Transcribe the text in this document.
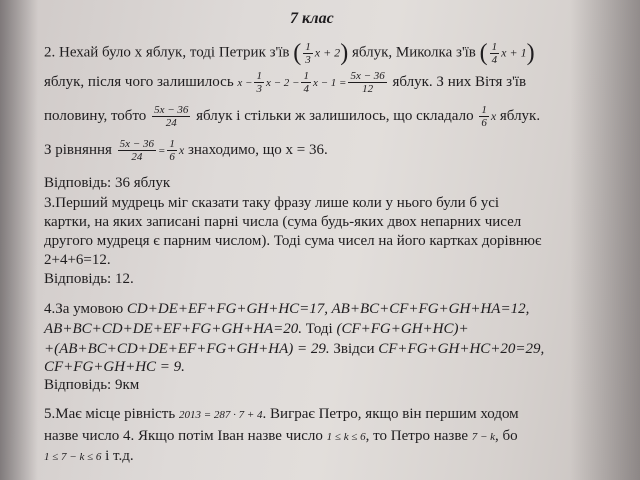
7 клас
2. Нехай було х яблук, тоді Петрик з'їв ( $\frac{1}{3}$ x + 2) яблук, Миколка з'їв ( $\frac{1}{4}$ x + 1)
яблук, після чого залишилось $x - \frac{1}{3}$ $x - 2 - \frac{1}{4}$ $x - 1 = \frac{5x - 36}{12}$ яблук. З них Вітя з'їв
половину, тобто $\frac{5x - 36}{24}$ яблук і стільки ж залишилось, що складало $\frac{1}{6}$ x яблук.
З рівняння $\frac{5x - 36}{24} = \frac{1}{6}$ x знаходимо, що х = 36.
Відповідь: 36 яблук
3.Перший мудрець міг сказати таку фразу лише коли у нього були б усі
картки, на яких записані парні числа (сума будь-яких двох непарних чисел
другого мудреця є парним числом). Тоді сума чисел на його картках дорівнює
2+4+6=12.
Відповідь: 12.
4.За умовою CD+DE+EF+FG+GH+HC=17, AB+BC+CF+FG+GH+HA=12,
AB+BC+CD+DE+EF+FG+GH+HA=20. Тоді (CF+FG+GH+HC)+
+(AB+BC+CD+DE+EF+FG+GH+HA) = 29. Звідси CF+FG+GH+HC+20=29,
CF+FG+GH+HC = 9.
Відповідь: 9км
5.Має місце рівність 2013 = 287 · 7 + 4. Виграє Петро, якщо він першим ходом
назве число 4. Якщо потім Іван назве число 1 ≤ k ≤ 6, то Петро назве 7 − k, бо
1 ≤ 7 − k ≤ 6 і т.д.
